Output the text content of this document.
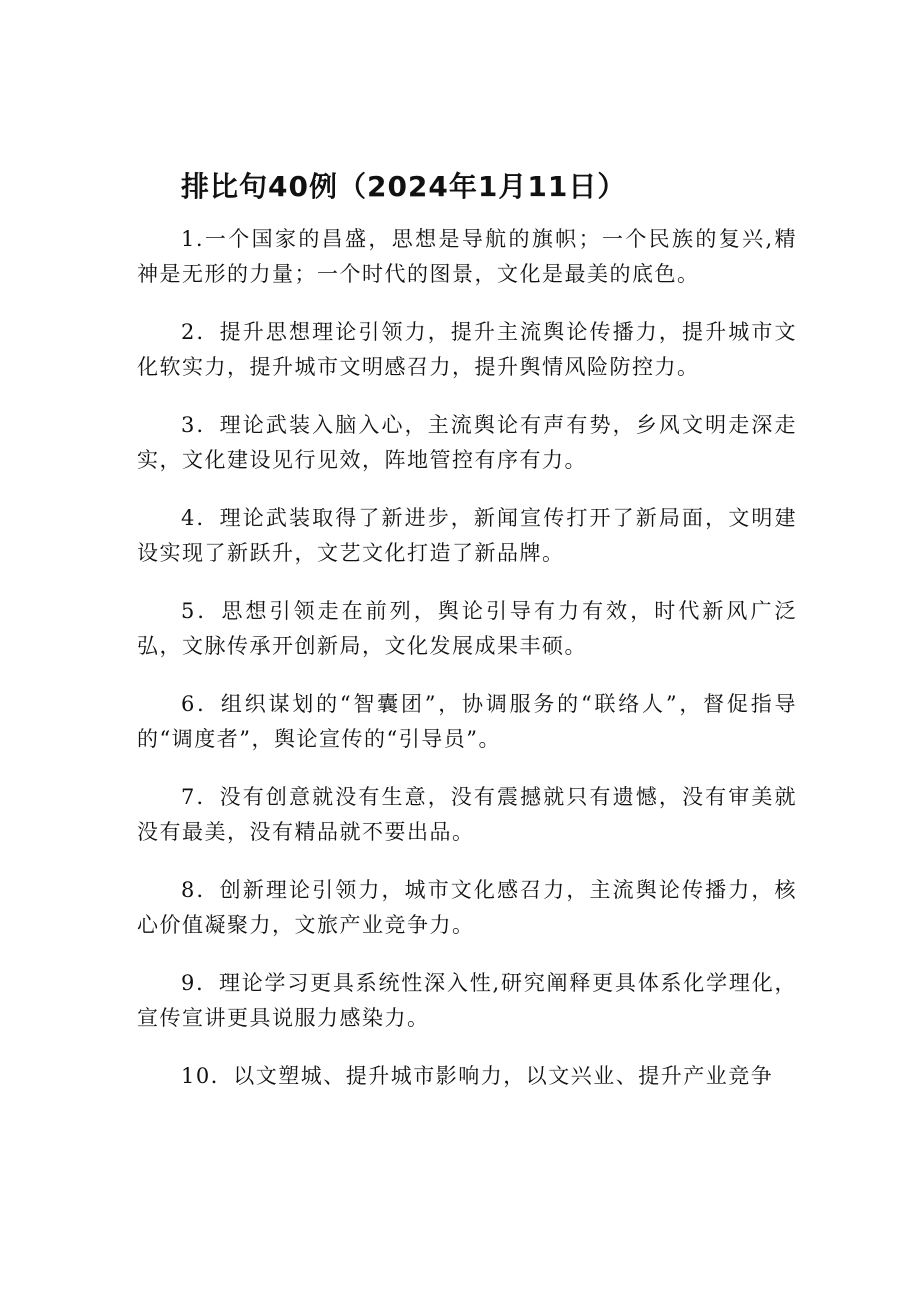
排比句40例（2024年1月11日）

1.一个国家的昌盛，思想是导航的旗帜；一个民族的复兴,精神是无形的力量；一个时代的图景，文化是最美的底色。

2．提升思想理论引领力，提升主流舆论传播力，提升城市文化软实力，提升城市文明感召力，提升舆情风险防控力。

3．理论武装入脑入心，主流舆论有声有势，乡风文明走深走实，文化建设见行见效，阵地管控有序有力。

4．理论武装取得了新进步，新闻宣传打开了新局面，文明建设实现了新跃升，文艺文化打造了新品牌。

5．思想引领走在前列，舆论引导有力有效，时代新风广泛弘，文脉传承开创新局，文化发展成果丰硕。

6．组织谋划的“智囊团”，协调服务的“联络人”，督促指导的“调度者”，舆论宣传的“引导员”。

7．没有创意就没有生意，没有震撼就只有遗憾，没有审美就没有最美，没有精品就不要出品。

8．创新理论引领力，城市文化感召力，主流舆论传播力，核心价值凝聚力，文旅产业竞争力。

9．理论学习更具系统性深入性,研究阐释更具体系化学理化，宣传宣讲更具说服力感染力。

10．以文塑城、提升城市影响力，以文兴业、提升产业竞争
